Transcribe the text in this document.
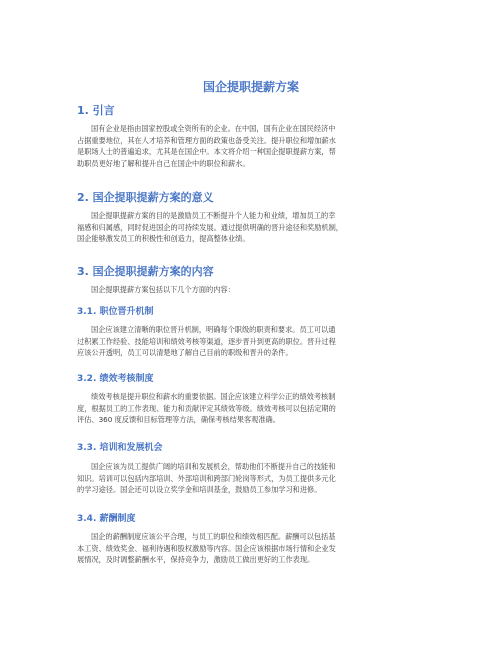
国企提职提薪方案
1. 引言
国有企业是指由国家控股或全资所有的企业。在中国，国有企业在国民经济中
占据重要地位，其在人才培养和管理方面的政策也备受关注。提升职位和增加薪水
是职场人士的普遍追求，尤其是在国企中。本文将介绍一种国企提职提薪方案，帮
助职员更好地了解和提升自己在国企中的职位和薪水。
2. 国企提职提薪方案的意义
国企提职提薪方案的目的是激励员工不断提升个人能力和业绩，增加员工的幸
福感和归属感，同时促进国企的可持续发展。通过提供明确的晋升途径和奖励机制，
国企能够激发员工的积极性和创造力，提高整体业绩。
3. 国企提职提薪方案的内容
国企提职提薪方案包括以下几个方面的内容：
3.1. 职位晋升机制
国企应该建立清晰的职位晋升机制，明确每个职级的职责和要求。员工可以通
过积累工作经验、技能培训和绩效考核等渠道，逐步晋升到更高的职位。晋升过程
应该公开透明，员工可以清楚地了解自己目前的职级和晋升的条件。
3.2. 绩效考核制度
绩效考核是提升职位和薪水的重要依据。国企应该建立科学公正的绩效考核制
度，根据员工的工作表现、能力和贡献评定其绩效等级。绩效考核可以包括定期的
评估、360 度反馈和目标管理等方法，确保考核结果客观准确。
3.3. 培训和发展机会
国企应该为员工提供广阔的培训和发展机会，帮助他们不断提升自己的技能和
知识。培训可以包括内部培训、外部培训和跨部门轮岗等形式，为员工提供多元化
的学习途径。国企还可以设立奖学金和培训基金，鼓励员工参加学习和进修。
3.4. 薪酬制度
国企的薪酬制度应该公平合理，与员工的职位和绩效相匹配。薪酬可以包括基
本工资、绩效奖金、福利待遇和股权激励等内容。国企应该根据市场行情和企业发
展情况，及时调整薪酬水平，保持竞争力，激励员工做出更好的工作表现。
